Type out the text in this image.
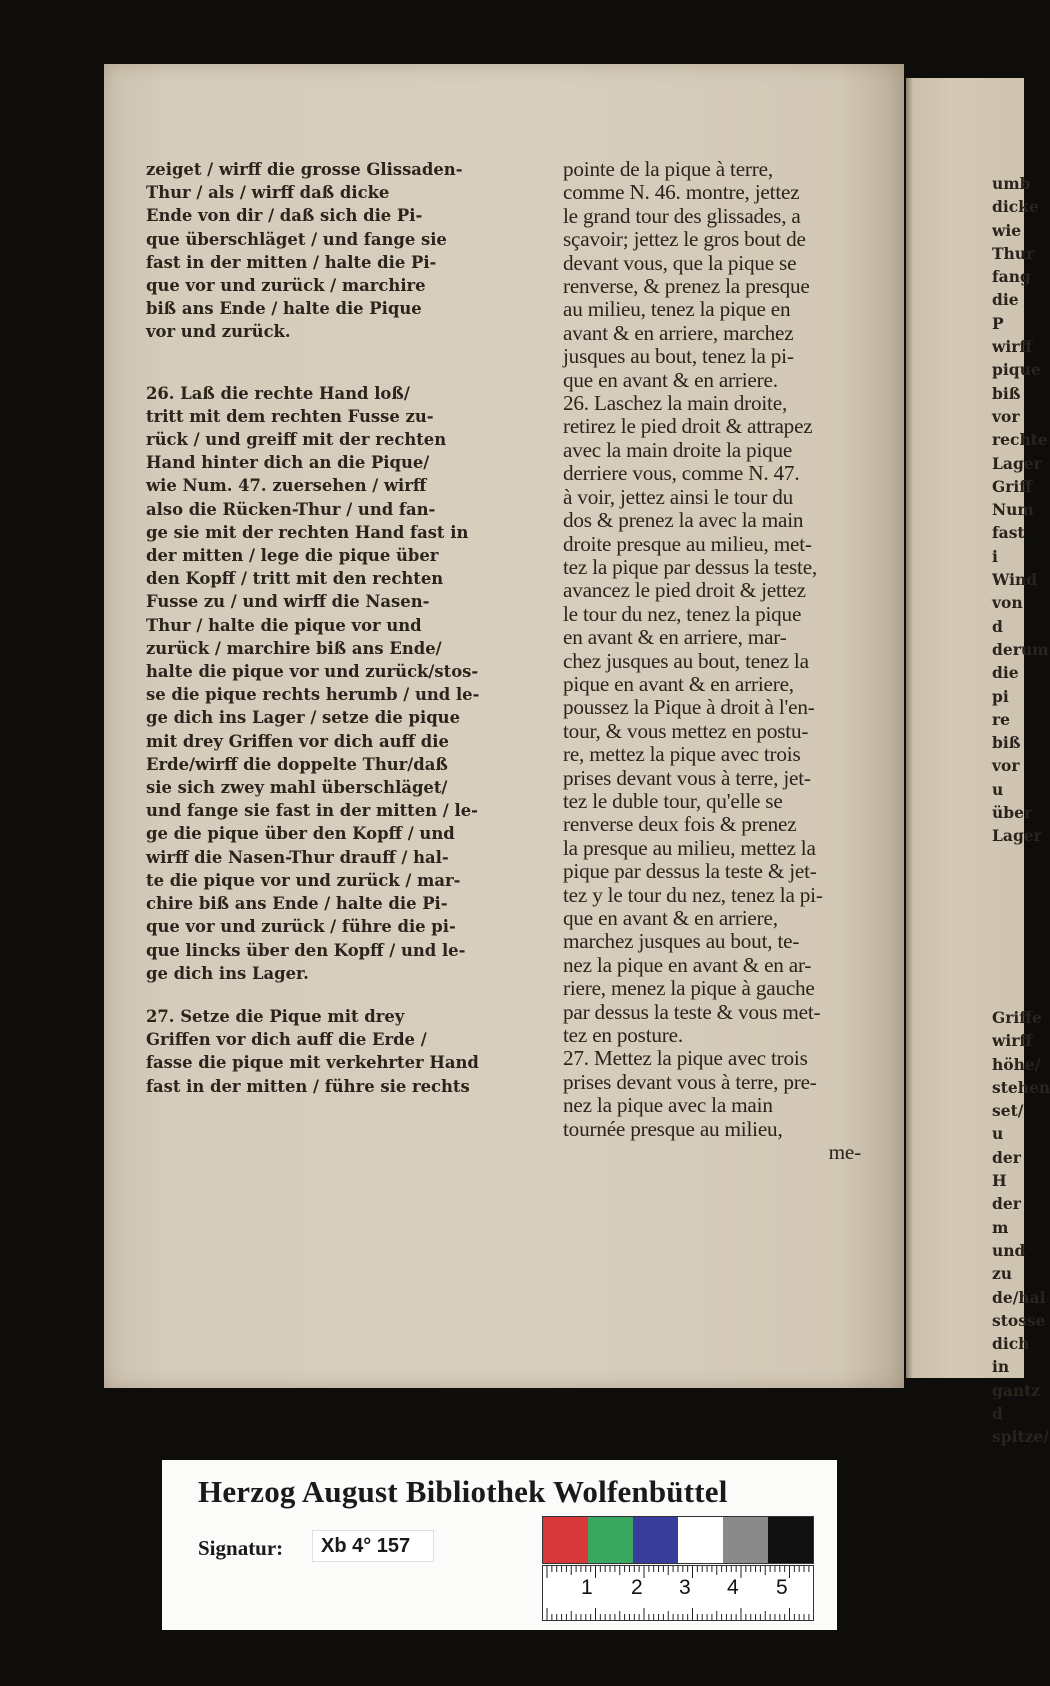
zeiget / wirff die grosse Glissaden-
Thur / als / wirff daß dicke
Ende von dir / daß sich die Pi-
que überschläget / und fange sie
fast in der mitten / halte die Pi-
que vor und zurück / marchire
biß ans Ende / halte die Pique
vor und zurück.

26. Laß die rechte Hand loß/
tritt mit dem rechten Fusse zu-
rück / und greiff mit der rechten
Hand hinter dich an die Pique/
wie Num. 47. zuersehen / wirff
also die Rücken-Thur / und fan-
ge sie mit der rechten Hand fast in
der mitten / lege die pique über
den Kopff / tritt mit den rechten
Fusse zu / und wirff die Nasen-
Thur / halte die pique vor und
zurück / marchire biß ans Ende/
halte die pique vor und zurück/stos-
se die pique rechts herumb / und le-
ge dich ins Lager / setze die pique
mit drey Griffen vor dich auff die
Erde/wirff die doppelte Thur/daß
sie sich zwey mahl überschläget/
und fange sie fast in der mitten / le-
ge die pique über den Kopff / und
wirff die Nasen-Thur drauff / hal-
te die pique vor und zurück / mar-
chire biß ans Ende / halte die Pi-
que vor und zurück / führe die pi-
que lincks über den Kopff / und le-
ge dich ins Lager.

27. Setze die Pique mit drey
Griffen vor dich auff die Erde /
fasse die pique mit verkehrter Hand
fast in der mitten / führe sie rechts

pointe de la pique à terre,
comme N. 46. montre, jettez
le grand tour des glissades, a
sçavoir; jettez le gros bout de
devant vous, que la pique se
renverse, & prenez la presque
au milieu, tenez la pique en
avant & en arriere, marchez
jusques au bout, tenez la pi-
que en avant & en arriere.

26. Laschez la main droite,
retirez le pied droit & attrapez
avec la main droite la pique
derriere vous, comme N. 47.
à voir, jettez ainsi le tour du
dos & prenez la avec la main
droite presque au milieu, met-
tez la pique par dessus la teste,
avancez le pied droit & jettez
le tour du nez, tenez la pique
en avant & en arriere, mar-
chez jusques au bout, tenez la
pique en avant & en arriere,
poussez la Pique à droit à l'en-
tour, & vous mettez en postu-
re, mettez la pique avec trois
prises devant vous à terre, jet-
tez le duble tour, qu'elle se
renverse deux fois & prenez
la presque au milieu, mettez la
pique par dessus la teste & jet-
tez y le tour du nez, tenez la pi-
que en avant & en arriere,
marchez jusques au bout, te-
nez la pique en avant & en ar-
riere, menez la pique à gauche
par dessus la teste & vous met-
tez en posture.

27. Mettez la pique avec trois
prises devant vous à terre, pre-
nez la pique avec la main
tournée presque au milieu,

me-

umb
dicke
wie
Thur
fang
die P
wirff
pique
biß
vor
rechte
Lager
Griff
Num
fast i
Wind
von d
derum
die pi
re biß
vor u
über
Lager
Griffe
wirff
höhe/
stehen
set/ u
der H
der m
und zu
de/hal
stosse
dich in
gantz d
spitze/
Herzog August Bibliothek Wolfenbüttel
Signatur: Xb 4° 157
1 2 3 4 5
